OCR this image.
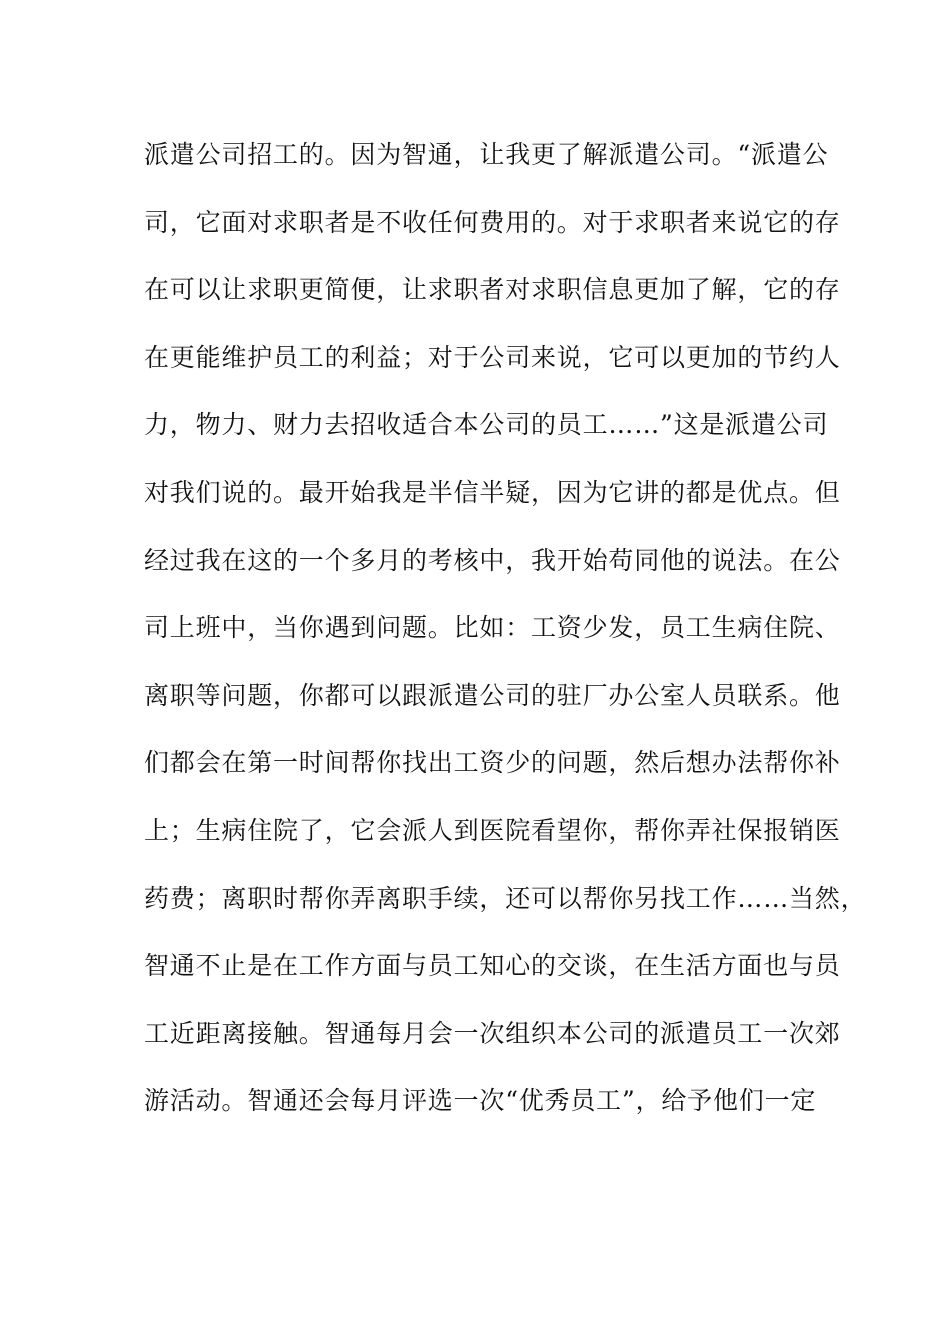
派遣公司招工的。因为智通，让我更了解派遣公司。“派遣公
司，它面对求职者是不收任何费用的。对于求职者来说它的存
在可以让求职更简便，让求职者对求职信息更加了解，它的存
在更能维护员工的利益；对于公司来说，它可以更加的节约人
力，物力、财力去招收适合本公司的员工……”这是派遣公司
对我们说的。最开始我是半信半疑，因为它讲的都是优点。但
经过我在这的一个多月的考核中，我开始苟同他的说法。在公
司上班中，当你遇到问题。比如：工资少发，员工生病住院、
离职等问题，你都可以跟派遣公司的驻厂办公室人员联系。他
们都会在第一时间帮你找出工资少的问题，然后想办法帮你补
上；生病住院了，它会派人到医院看望你，帮你弄社保报销医
药费；离职时帮你弄离职手续，还可以帮你另找工作……当然，
智通不止是在工作方面与员工知心的交谈，在生活方面也与员
工近距离接触。智通每月会一次组织本公司的派遣员工一次郊
游活动。智通还会每月评选一次“优秀员工”，给予他们一定
